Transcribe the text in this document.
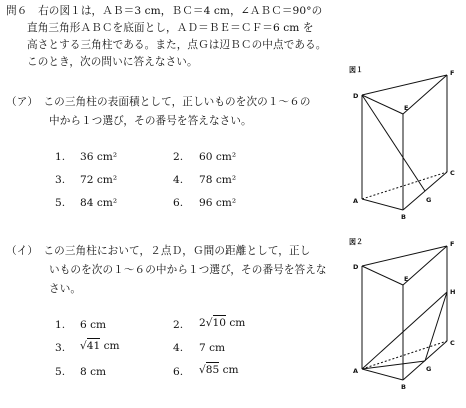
問６　右の図１は，ＡＢ＝3 cm，ＢＣ＝4 cm，∠ＡＢＣ＝90°の
直角三角形ＡＢＣを底面とし，ＡＤ＝ＢＥ＝ＣＦ＝6 cm を
高さとする三角柱である。また，点Ｇは辺ＢＣの中点である。
このとき，次の問いに答えなさい。
（ア）　この三角柱の表面積として，正しいものを次の１～６の
中から１つ選び，その番号を答えなさい。
1. 36 cm²	2. 60 cm²
3. 72 cm²	4. 78 cm²
5. 84 cm²	6. 96 cm²
（イ）　この三角柱において，２点Ｄ，Ｇ間の距離として，正し
いものを次の１～６の中から１つ選び，その番号を答えな
さい。
1. 6 cm	2. 2√10 cm
3. √41 cm	4. 7 cm
5. 8 cm	6. √85 cm
図１
D
E
F
A
B
C
G
図２
D
E
F
H
A
B
C
G
